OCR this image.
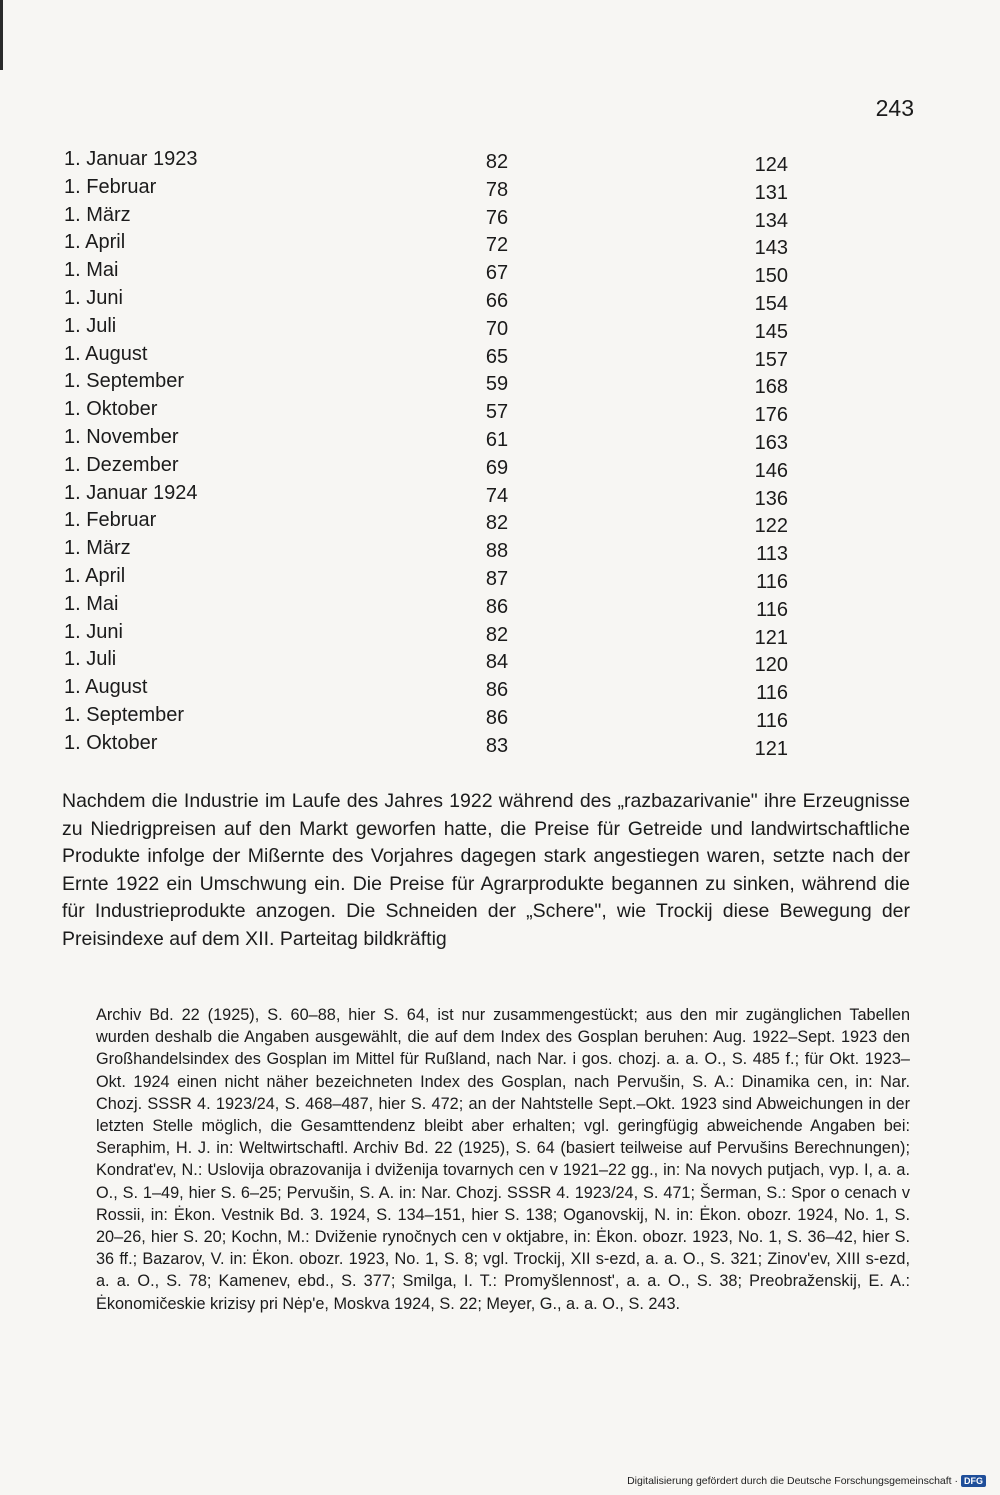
243
1. Januar 1923	82	124
1. Februar	78	131
1. März	76	134
1. April	72	143
1. Mai	67	150
1. Juni	66	154
1. Juli	70	145
1. August	65	157
1. September	59	168
1. Oktober	57	176
1. November	61	163
1. Dezember	69	146
1. Januar 1924	74	136
1. Februar	82	122
1. März	88	113
1. April	87	116
1. Mai	86	116
1. Juni	82	121
1. Juli	84	120
1. August	86	116
1. September	86	116
1. Oktober	83	121

Nachdem die Industrie im Laufe des Jahres 1922 während des „razbazarivanie" ihre Erzeugnisse zu Niedrigpreisen auf den Markt geworfen hatte, die Preise für Getreide und landwirtschaftliche Produkte infolge der Mißernte des Vorjahres dagegen stark angestiegen waren, setzte nach der Ernte 1922 ein Umschwung ein. Die Preise für Agrarprodukte begannen zu sinken, während die für Industrieprodukte anzogen. Die Schneiden der „Schere", wie Trockij diese Bewegung der Preisindexe auf dem XII. Parteitag bildkräftig

Archiv Bd. 22 (1925), S. 60–88, hier S. 64, ist nur zusammengestückt; aus den mir zugänglichen Tabellen wurden deshalb die Angaben ausgewählt, die auf dem Index des Gosplan beruhen: Aug. 1922–Sept. 1923 den Großhandelsindex des Gosplan im Mittel für Rußland, nach Nar. i gos. chozj. a. a. O., S. 485 f.; für Okt. 1923–Okt. 1924 einen nicht näher bezeichneten Index des Gosplan, nach Pervušin, S. A.: Dinamika cen, in: Nar. Chozj. SSSR 4. 1923/24, S. 468–487, hier S. 472; an der Nahtstelle Sept.–Okt. 1923 sind Abweichungen in der letzten Stelle möglich, die Gesamttendenz bleibt aber erhalten; vgl. geringfügig abweichende Angaben bei: Seraphim, H. J. in: Weltwirtschaftl. Archiv Bd. 22 (1925), S. 64 (basiert teilweise auf Pervušins Berechnungen); Kondrat'ev, N.: Uslovija obrazovanija i dviženija tovarnych cen v 1921–22 gg., in: Na novych putjach, vyp. I, a. a. O., S. 1–49, hier S. 6–25; Pervušin, S. A. in: Nar. Chozj. SSSR 4. 1923/24, S. 471; Šerman, S.: Spor o cenach v Rossii, in: Ėkon. Vestnik Bd. 3. 1924, S. 134–151, hier S. 138; Oganovskij, N. in: Ėkon. obozr. 1924, No. 1, S. 20–26, hier S. 20; Kochn, M.: Dviženie rynočnych cen v oktjabre, in: Ėkon. obozr. 1923, No. 1, S. 36–42, hier S. 36 ff.; Bazarov, V. in: Ėkon. obozr. 1923, No. 1, S. 8; vgl. Trockij, XII s-ezd, a. a. O., S. 321; Zinov'ev, XIII s-ezd, a. a. O., S. 78; Kamenev, ebd., S. 377; Smilga, I. T.: Promyšlennost', a. a. O., S. 38; Preobraženskij, E. A.: Ėkonomičeskie krizisy pri Nėp'e, Moskva 1924, S. 22; Meyer, G., a. a. O., S. 243.

Digitalisierung gefördert durch die Deutsche Forschungsgemeinschaft · DFG
